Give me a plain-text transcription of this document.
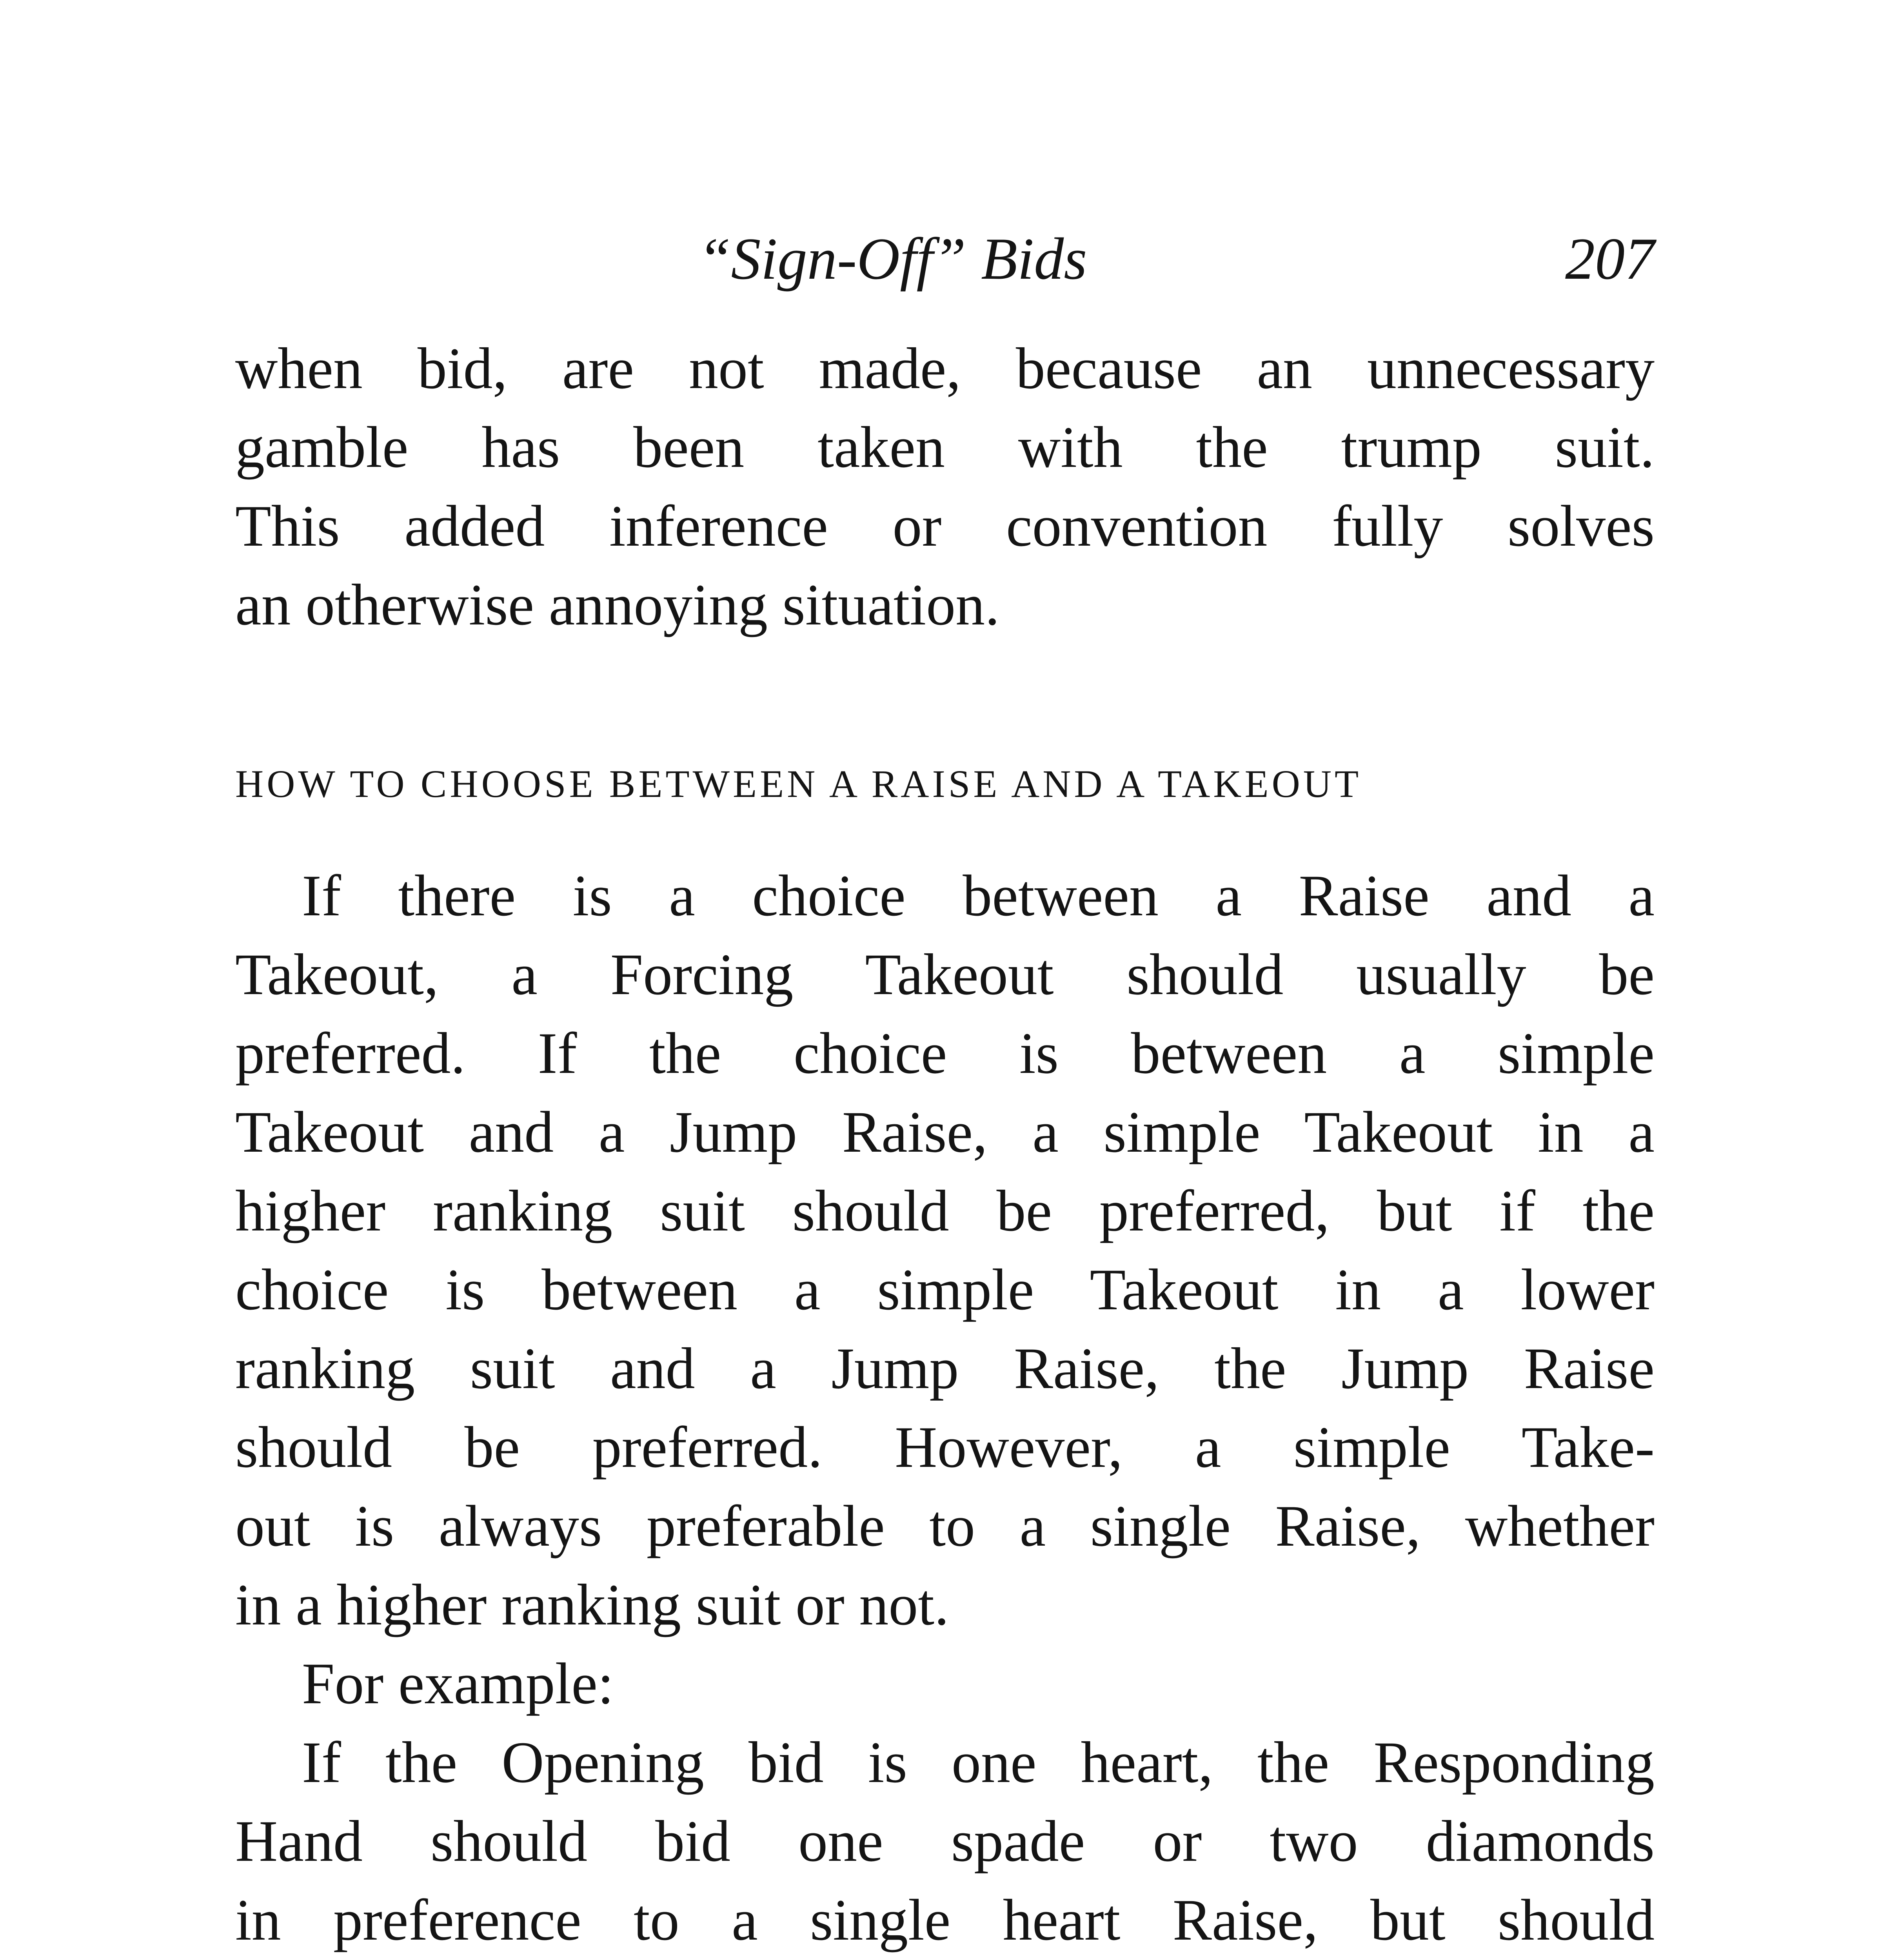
“Sign-Off” Bids	207
when bid, are not made, because an unnecessary
gamble has been taken with the trump suit.
This added inference or convention fully solves
an otherwise annoying situation.
HOW TO CHOOSE BETWEEN A RAISE AND A TAKEOUT
If there is a choice between a Raise and a
Takeout, a Forcing Takeout should usually be
preferred. If the choice is between a simple
Takeout and a Jump Raise, a simple Takeout in a
higher ranking suit should be preferred, but if the
choice is between a simple Takeout in a lower
ranking suit and a Jump Raise, the Jump Raise
should be preferred. However, a simple Take-
out is always preferable to a single Raise, whether
in a higher ranking suit or not.
For example:
If the Opening bid is one heart, the Responding
Hand should bid one spade or two diamonds
in preference to a single heart Raise, but should
